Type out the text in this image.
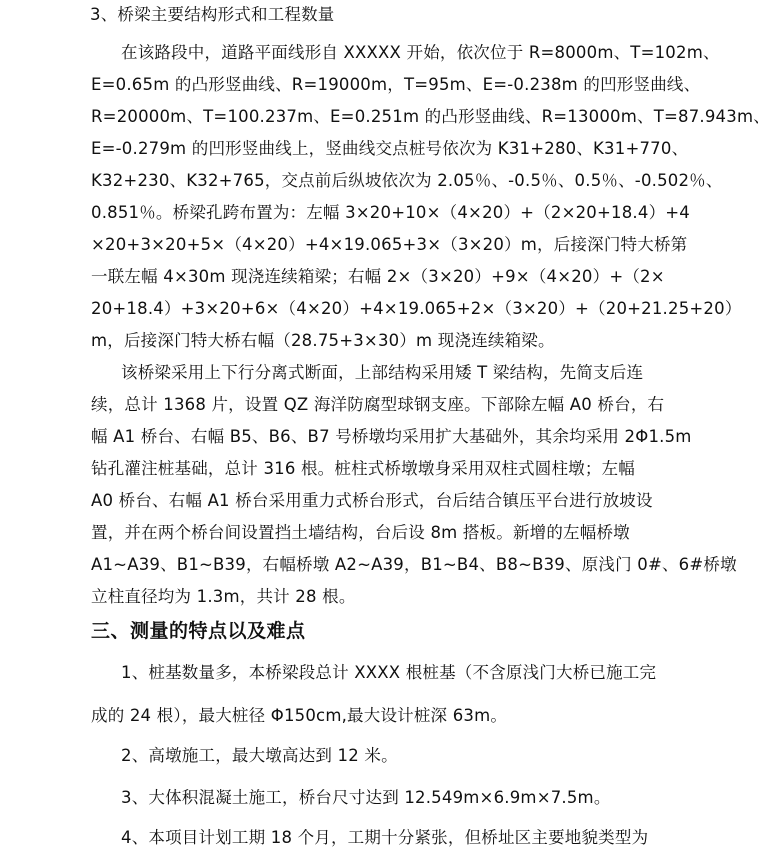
3、桥梁主要结构形式和工程数量
在该路段中，道路平面线形自 XXXXX 开始，依次位于 R=8000m、T=102m、
E=0.65m 的凸形竖曲线、R=19000m，T=95m、E=-0.238m 的凹形竖曲线、
R=20000m、T=100.237m、E=0.251m 的凸形竖曲线、R=13000m、T=87.943m、
E=-0.279m 的凹形竖曲线上，竖曲线交点桩号依次为 K31+280、K31+770、
K32+230、K32+765，交点前后纵坡依次为 2.05％、-0.5％、0.5％、-0.502％、
0.851％。桥梁孔跨布置为：左幅 3×20+10×（4×20）+（2×20+18.4）+4
×20+3×20+5×（4×20）+4×19.065+3×（3×20）m，后接深门特大桥第
一联左幅 4×30m 现浇连续箱梁；右幅 2×（3×20）+9×（4×20）+（2×
20+18.4）+3×20+6×（4×20）+4×19.065+2×（3×20）+（20+21.25+20）
m，后接深门特大桥右幅（28.75+3×30）m 现浇连续箱梁。
该桥梁采用上下行分离式断面，上部结构采用矮 T 梁结构，先简支后连
续，总计 1368 片，设置 QZ 海洋防腐型球钢支座。下部除左幅 A0 桥台，右
幅 A1 桥台、右幅 B5、B6、B7 号桥墩均采用扩大基础外，其余均采用 2Φ1.5m
钻孔灌注桩基础，总计 316 根。桩柱式桥墩墩身采用双柱式圆柱墩；左幅
A0 桥台、右幅 A1 桥台采用重力式桥台形式，台后结合镇压平台进行放坡设
置，并在两个桥台间设置挡土墙结构，台后设 8m 搭板。新增的左幅桥墩
A1~A39、B1~B39，右幅桥墩 A2~A39，B1~B4、B8~B39、原浅门 0#、6#桥墩
立柱直径均为 1.3m，共计 28 根。
三、测量的特点以及难点
1、桩基数量多，本桥梁段总计 XXXX 根桩基（不含原浅门大桥已施工完
成的 24 根），最大桩径 Φ150cm,最大设计桩深 63m。
2、高墩施工，最大墩高达到 12 米。
3、大体积混凝土施工，桥台尺寸达到 12.549m×6.9m×7.5m。
4、本项目计划工期 18 个月，工期十分紧张，但桥址区主要地貌类型为
